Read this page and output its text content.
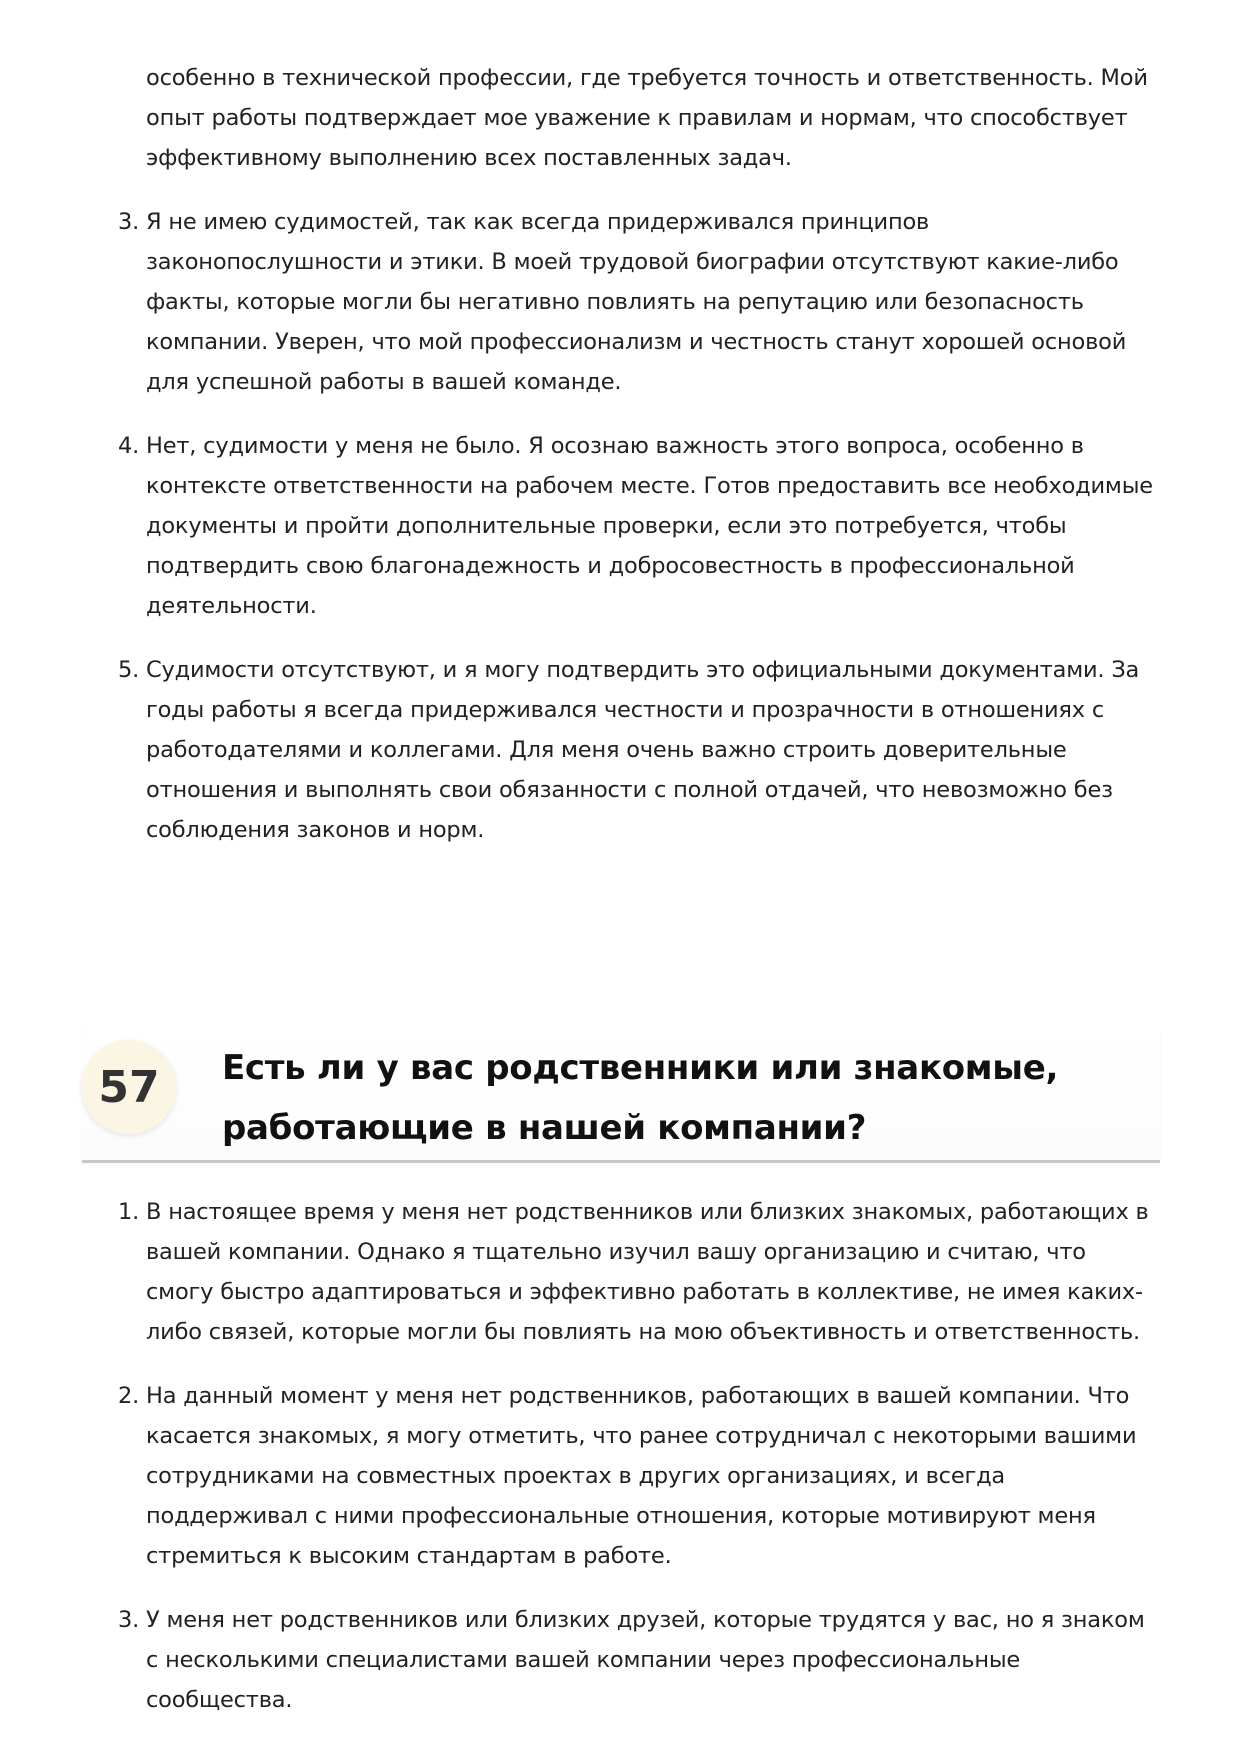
особенно в технической профессии, где требуется точность и ответственность. Мой опыт работы подтверждает мое уважение к правилам и нормам, что способствует эффективному выполнению всех поставленных задач.
3. Я не имею судимостей, так как всегда придерживался принципов законопослушности и этики. В моей трудовой биографии отсутствуют какие-либо факты, которые могли бы негативно повлиять на репутацию или безопасность компании. Уверен, что мой профессионализм и честность станут хорошей основой для успешной работы в вашей команде.
4. Нет, судимости у меня не было. Я осознаю важность этого вопроса, особенно в контексте ответственности на рабочем месте. Готов предоставить все необходимые документы и пройти дополнительные проверки, если это потребуется, чтобы подтвердить свою благонадежность и добросовестность в профессиональной деятельности.
5. Судимости отсутствуют, и я могу подтвердить это официальными документами. За годы работы я всегда придерживался честности и прозрачности в отношениях с работодателями и коллегами. Для меня очень важно строить доверительные отношения и выполнять свои обязанности с полной отдачей, что невозможно без соблюдения законов и норм.
57	Есть ли у вас родственники или знакомые, работающие в нашей компании?
1. В настоящее время у меня нет родственников или близких знакомых, работающих в вашей компании. Однако я тщательно изучил вашу организацию и считаю, что смогу быстро адаптироваться и эффективно работать в коллективе, не имея каких-либо связей, которые могли бы повлиять на мою объективность и ответственность.
2. На данный момент у меня нет родственников, работающих в вашей компании. Что касается знакомых, я могу отметить, что ранее сотрудничал с некоторыми вашими сотрудниками на совместных проектах в других организациях, и всегда поддерживал с ними профессиональные отношения, которые мотивируют меня стремиться к высоким стандартам в работе.
3. У меня нет родственников или близких друзей, которые трудятся у вас, но я знаком с несколькими специалистами вашей компании через профессиональные сообщества.
